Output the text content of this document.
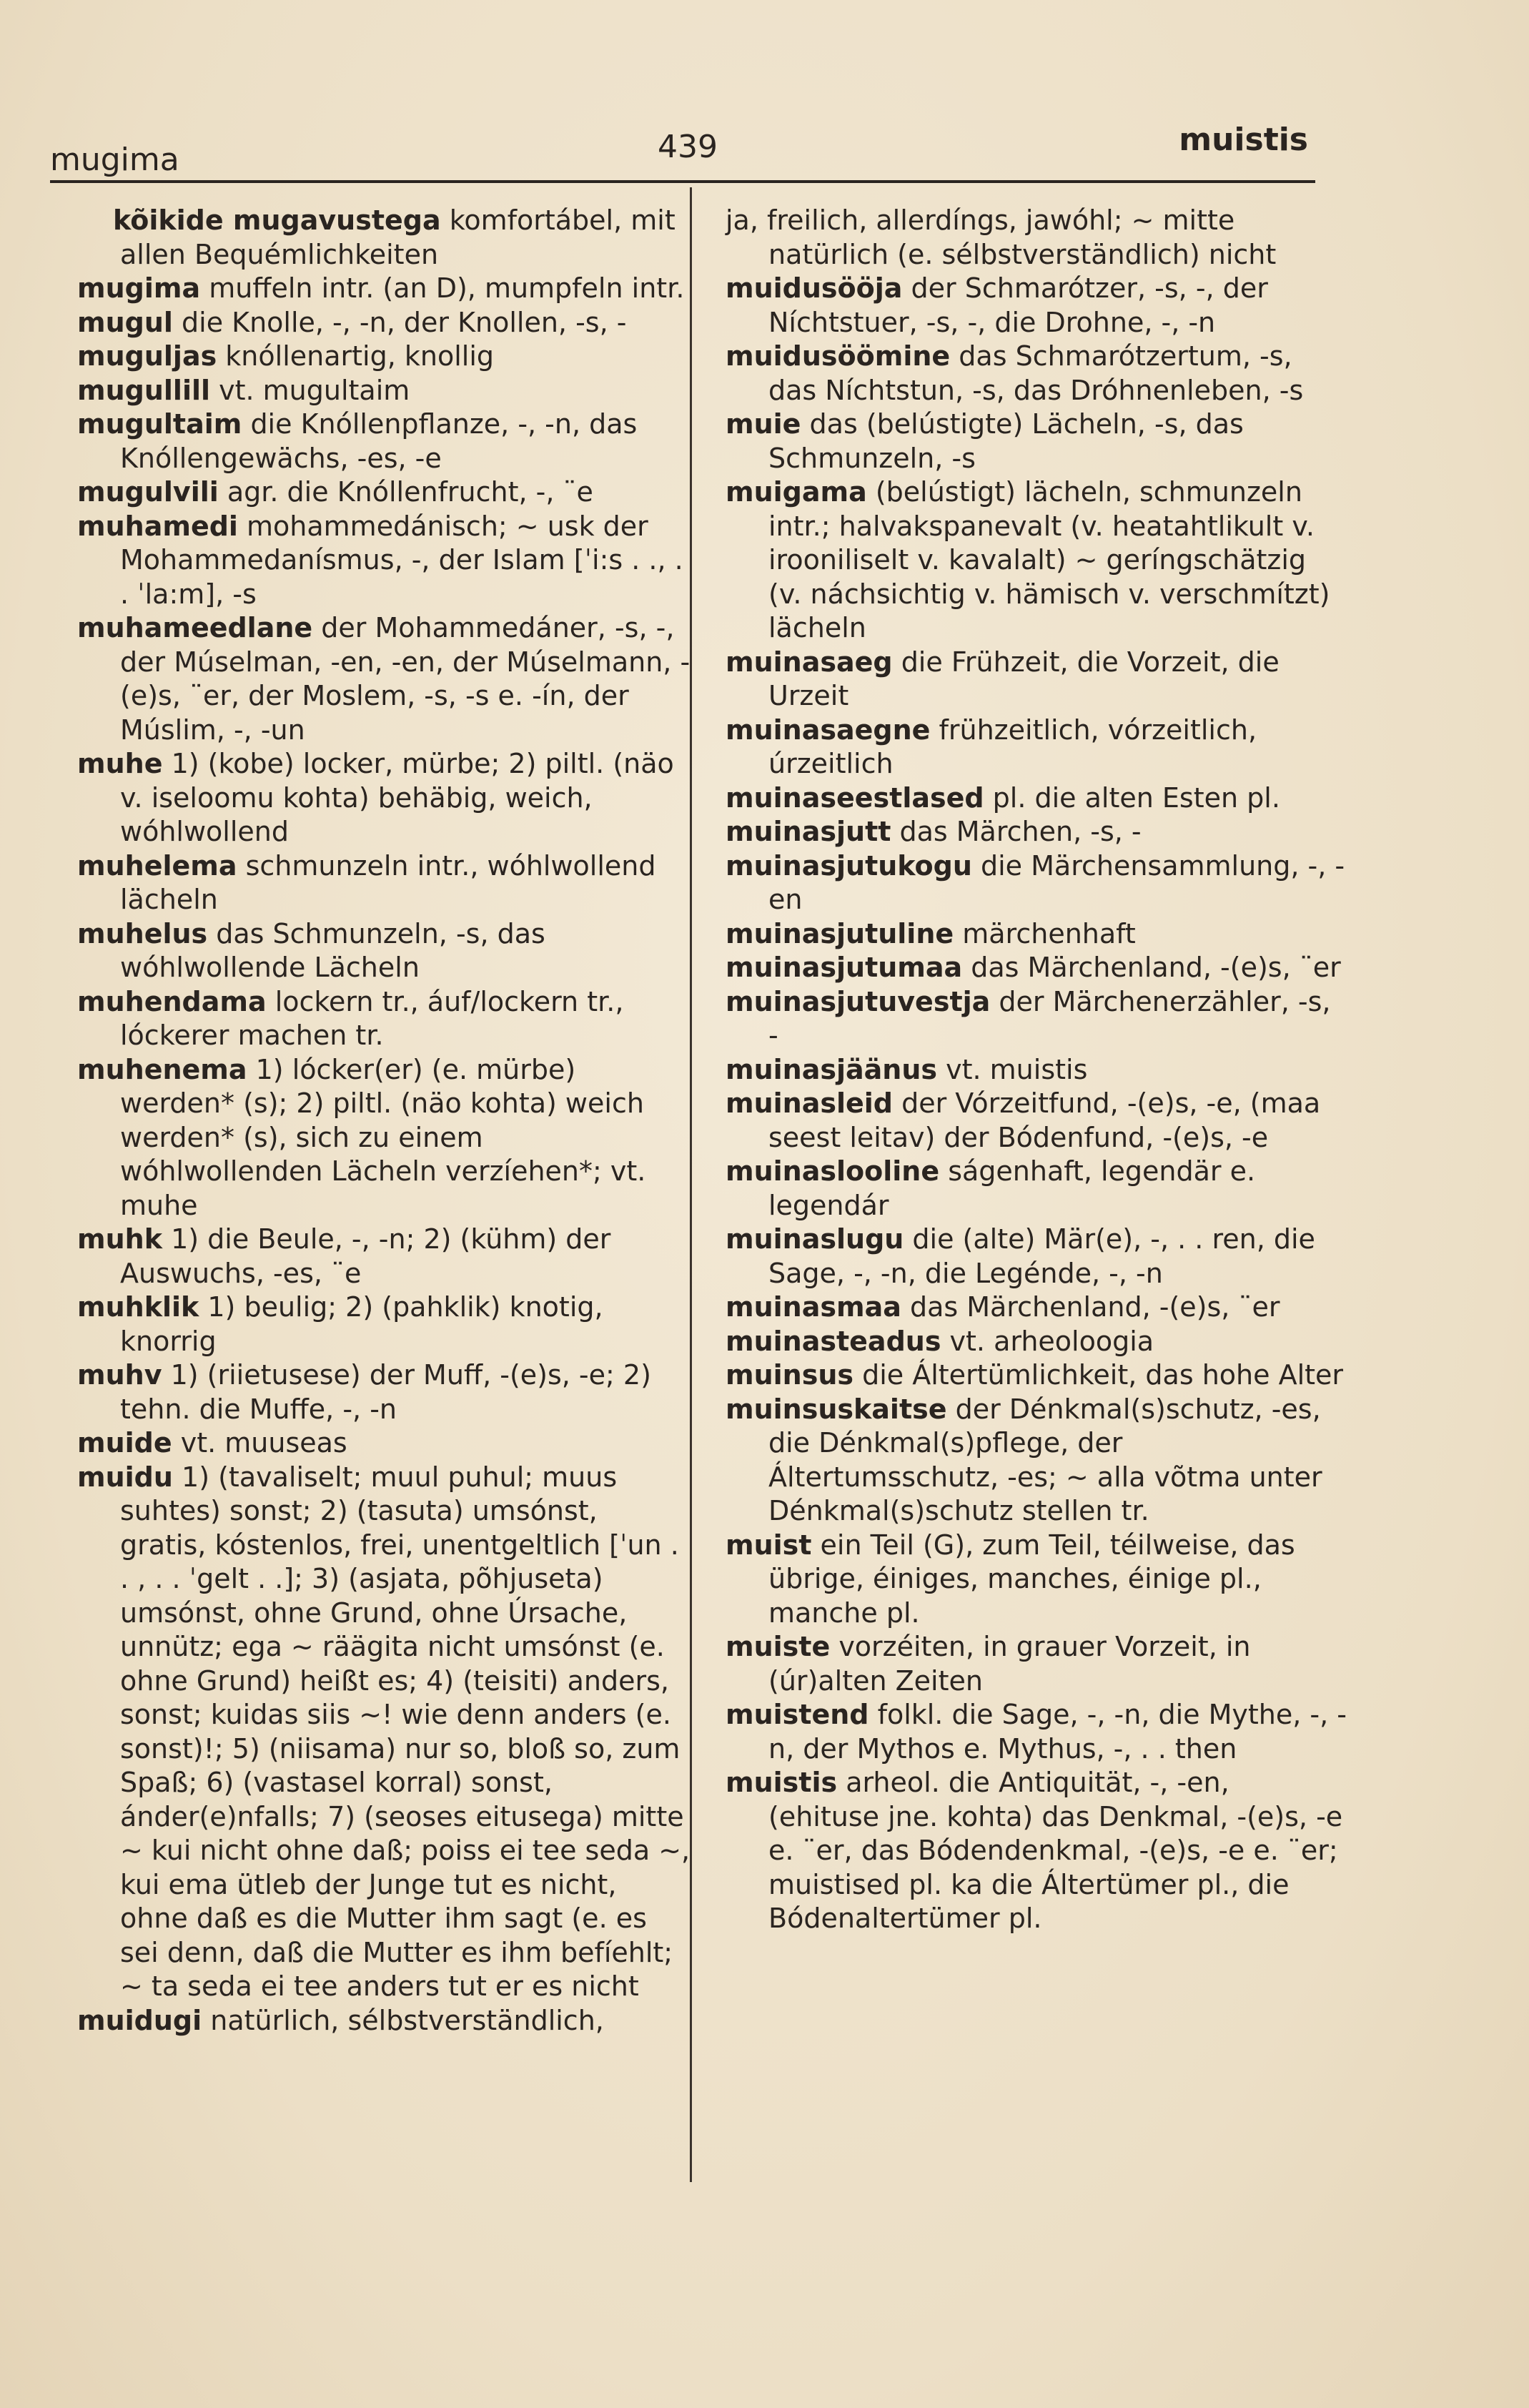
mugima	439	muistis

kõikide mugavustega komfortábel, mit allen Bequémlichkeiten

mugima muffeln intr. (an D), mumpfeln intr.

mugul die Knolle, -, -n, der Knollen, -s, -

muguljas knóllenartig, knollig

mugullill vt. mugultaim

mugultaim die Knóllenpflanze, -, -n, das Knóllengewächs, -es, -e

mugulvili agr. die Knóllenfrucht, -, ¨e

muhamedi mohammedánisch; ~ usk der Mohammedanísmus, -, der Islam [ˈi:s . ., . . ˈla:m], -s

muhameedlane der Mohammedáner, -s, -, der Múselman, -en, -en, der Múselmann, -(e)s, ¨er, der Moslem, -s, -s e. -ín, der Múslim, -, -un

muhe 1) (kobe) locker, mürbe; 2) piltl. (näo v. iseloomu kohta) behäbig, weich, wóhlwollend

muhelema schmunzeln intr., wóhlwollend lächeln

muhelus das Schmunzeln, -s, das wóhlwollende Lächeln

muhendama lockern tr., áuf/lockern tr., lóckerer machen tr.

muhenema 1) lócker(er) (e. mürbe) werden* (s); 2) piltl. (näo kohta) weich werden* (s), sich zu einem wóhlwollenden Lächeln verzíehen*; vt. muhe

muhk 1) die Beule, -, -n; 2) (kühm) der Auswuchs, -es, ¨e

muhklik 1) beulig; 2) (pahklik) knotig, knorrig

muhv 1) (riietusese) der Muff, -(e)s, -e; 2) tehn. die Muffe, -, -n

muide vt. muuseas

muidu 1) (tavaliselt; muul puhul; muus suhtes) sonst; 2) (tasuta) umsónst, gratis, kóstenlos, frei, unentgeltlich [ˈun . . , . . ˈgelt . .]; 3) (asjata, põhjuseta) umsónst, ohne Grund, ohne Úrsache, unnütz; ega ~ räägita nicht umsónst (e. ohne Grund) heißt es; 4) (teisiti) anders, sonst; kuidas siis ~! wie denn anders (e. sonst)!; 5) (niisama) nur so, bloß so, zum Spaß; 6) (vastasel korral) sonst, ánder(e)nfalls; 7) (seoses eitusega) mitte ~ kui nicht ohne daß; poiss ei tee seda ~, kui ema ütleb der Junge tut es nicht, ohne daß es die Mutter ihm sagt (e. es sei denn, daß die Mutter es ihm befíehlt; ~ ta seda ei tee anders tut er es nicht

muidugi natürlich, sélbstverständlich,

ja, freilich, allerdíngs, jawóhl; ~ mitte natürlich (e. sélbstverständlich) nicht

muidusööja der Schmarótzer, -s, -, der Níchtstuer, -s, -, die Drohne, -, -n

muidusöömine das Schmarótzertum, -s, das Níchtstun, -s, das Dróhnenleben, -s

muie das (belústigte) Lächeln, -s, das Schmunzeln, -s

muigama (belústigt) lächeln, schmunzeln intr.; halvakspanevalt (v. heatahtlikult v. irooniliselt v. kavalalt) ~ geríngschätzig (v. náchsichtig v. hämisch v. verschmítzt) lächeln

muinasaeg die Frühzeit, die Vorzeit, die Urzeit

muinasaegne frühzeitlich, vórzeitlich, úrzeitlich

muinaseestlased pl. die alten Esten pl.

muinasjutt das Märchen, -s, -

muinasjutukogu die Märchensammlung, -, -en

muinasjutuline märchenhaft

muinasjutumaa das Märchenland, -(e)s, ¨er

muinasjutuvestja der Märchenerzähler, -s, -

muinasjäänus vt. muistis

muinasleid der Vórzeitfund, -(e)s, -e, (maa seest leitav) der Bódenfund, -(e)s, -e

muinaslooline ságenhaft, legendär e. legendár

muinaslugu die (alte) Mär(e), -, . . ren, die Sage, -, -n, die Legénde, -, -n

muinasmaa das Märchenland, -(e)s, ¨er

muinasteadus vt. arheoloogia

muinsus die Áltertümlichkeit, das hohe Alter

muinsuskaitse der Dénkmal(s)schutz, -es, die Dénkmal(s)pflege, der Áltertumsschutz, -es; ~ alla võtma unter Dénkmal(s)schutz stellen tr.

muist ein Teil (G), zum Teil, téilweise, das übrige, éiniges, manches, éinige pl., manche pl.

muiste vorzéiten, in grauer Vorzeit, in (úr)alten Zeiten

muistend folkl. die Sage, -, -n, die Mythe, -, -n, der Mythos e. Mythus, -, . . then

muistis arheol. die Antiquität, -, -en, (ehituse jne. kohta) das Denkmal, -(e)s, -e e. ¨er, das Bódendenkmal, -(e)s, -e e. ¨er; muistised pl. ka die Áltertümer pl., die Bódenaltertümer pl.
